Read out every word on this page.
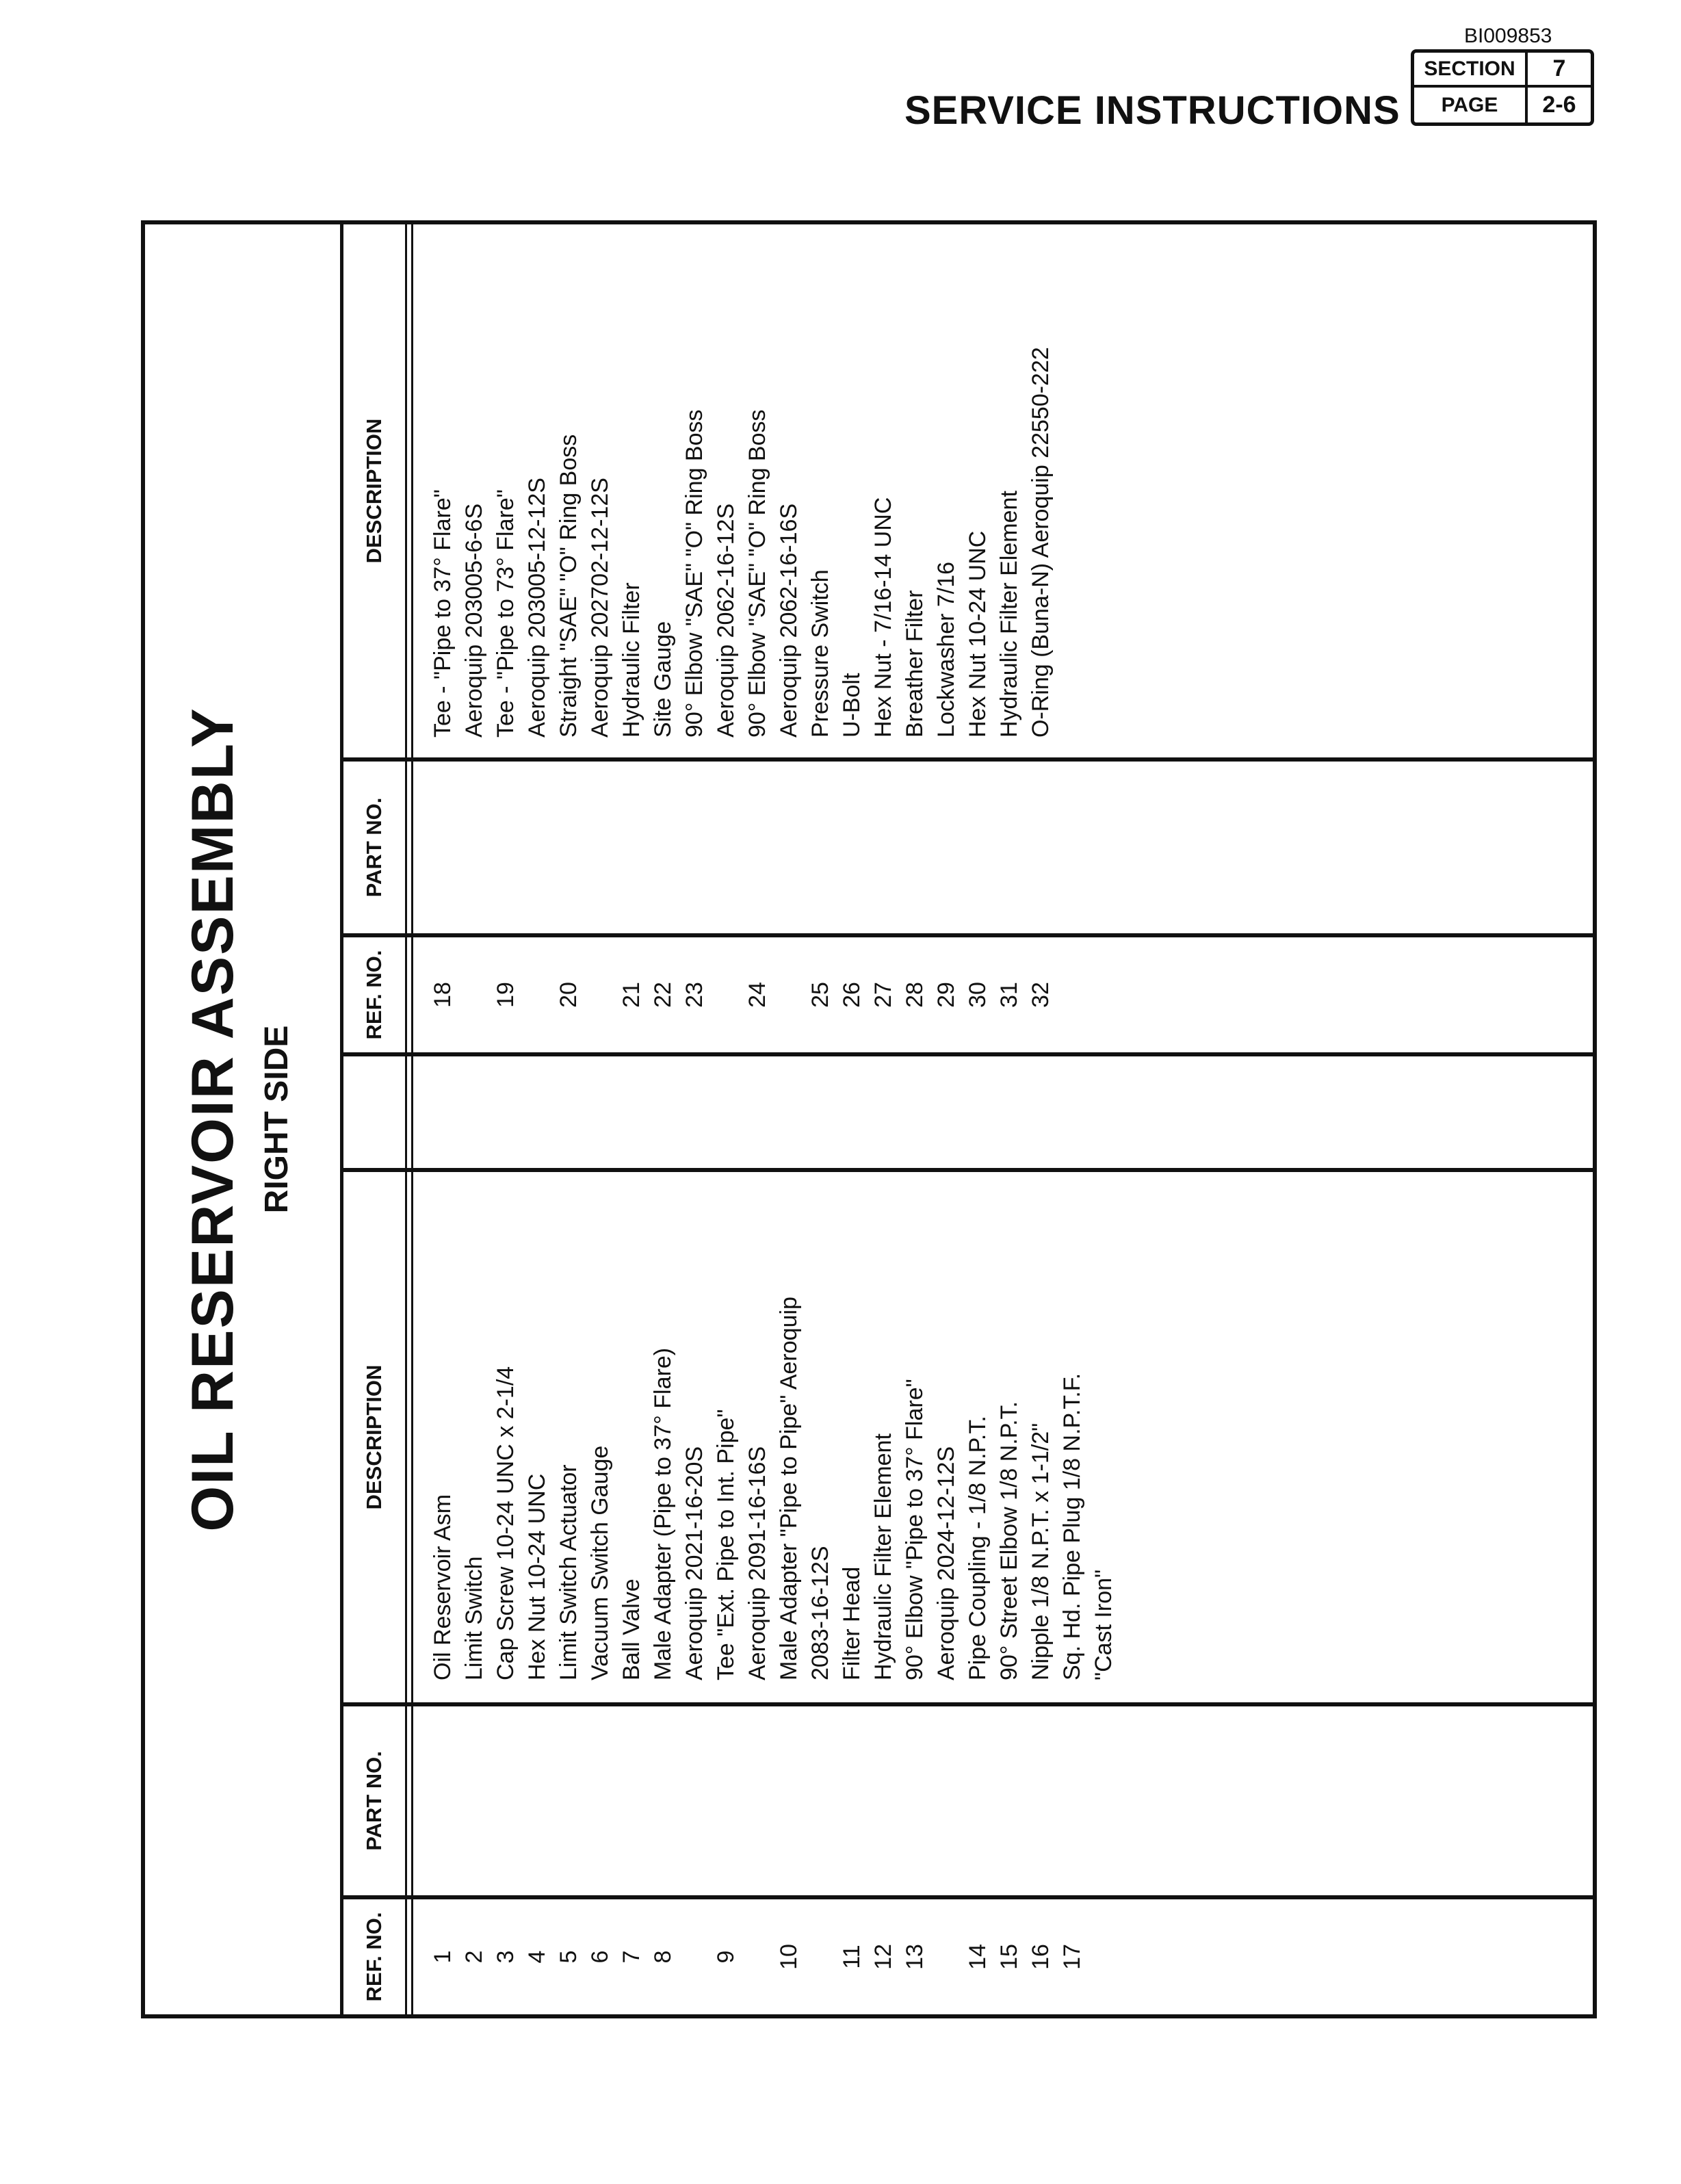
BI009853
SERVICE INSTRUCTIONS
SECTION	7
PAGE	2-6
OIL RESERVOIR ASSEMBLY RIGHT SIDE
REF. NO.
PART NO.
DESCRIPTION
REF. NO.
PART NO.
DESCRIPTION
1
Oil Reservoir Asm
2
Limit Switch
3
Cap Screw 10-24 UNC x 2-1/4
4
Hex Nut 10-24 UNC
5
Limit Switch Actuator
6
Vacuum Switch Gauge
7
Ball Valve
8
Male Adapter (Pipe to 37° Flare) Aeroquip 2021-16-20S
9
Tee "Ext. Pipe to Int. Pipe" Aeroquip 2091-16-16S
10
Male Adapter "Pipe to Pipe" Aeroquip 2083-16-12S
11
Filter Head
12
Hydraulic Filter Element
13
90° Elbow "Pipe to 37° Flare" Aeroquip 2024-12-12S
14
Pipe Coupling - 1/8 N.P.T.
15
90° Street Elbow 1/8 N.P.T.
16
Nipple 1/8 N.P.T. x 1-1/2"
17
Sq. Hd. Pipe Plug 1/8 N.P.T.F. "Cast Iron"
18
Tee - "Pipe to 37° Flare" Aeroquip 203005-6-6S
19
Tee - "Pipe to 73° Flare" Aeroquip 203005-12-12S
20
Straight "SAE" "O" Ring Boss Aeroquip 202702-12-12S
21
Hydraulic Filter
22
Site Gauge
23
90° Elbow "SAE" "O" Ring Boss Aeroquip 2062-16-12S
24
90° Elbow "SAE" "O" Ring Boss Aeroquip 2062-16-16S
25
Pressure Switch
26
U-Bolt
27
Hex Nut - 7/16-14 UNC
28
Breather Filter
29
Lockwasher 7/16
30
Hex Nut 10-24 UNC
31
Hydraulic Filter Element
32
O-Ring (Buna-N) Aeroquip 22550-222
